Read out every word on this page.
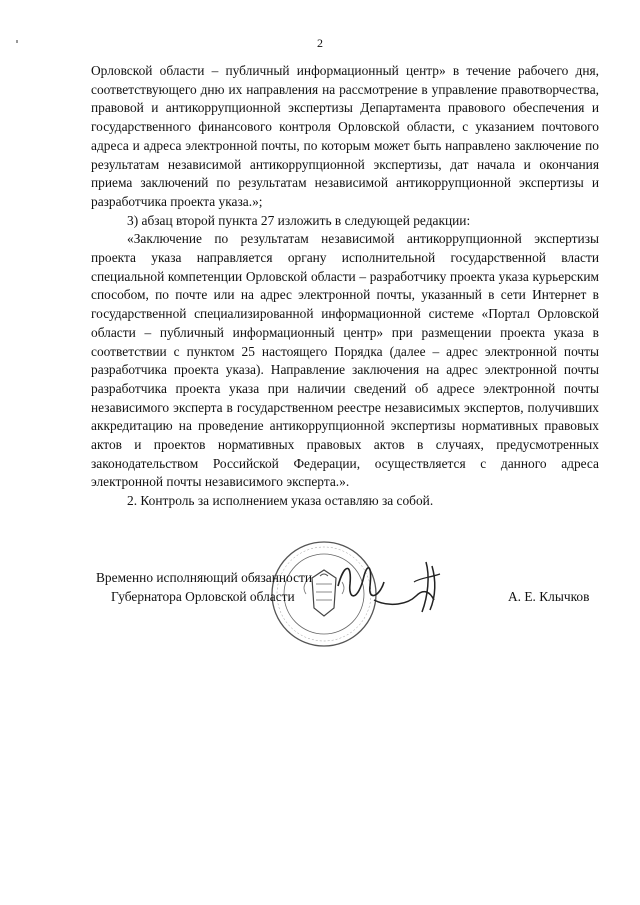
2

Орловской области – публичный информационный центр» в течение рабочего дня, соответствующего дню их направления на рассмотрение в управление правотворчества, правовой и антикоррупционной экспертизы Департамента правового обеспечения и государственного финансового контроля Орловской области, с указанием почтового адреса и адреса электронной почты, по которым может быть направлено заключение по результатам независимой антикоррупционной экспертизы, дат начала и окончания приема заключений по результатам независимой антикоррупционной экспертизы и разработчика проекта указа.»;

3) абзац второй пункта 27 изложить в следующей редакции:

«Заключение по результатам независимой антикоррупционной экспертизы проекта указа направляется органу исполнительной государственной власти специальной компетенции Орловской области – разработчику проекта указа курьерским способом, по почте или на адрес электронной почты, указанный в сети Интернет в государственной специализированной информационной системе «Портал Орловской области – публичный информационный центр» при размещении проекта указа в соответствии с пунктом 25 настоящего Порядка (далее – адрес электронной почты разработчика проекта указа). Направление заключения на адрес электронной почты разработчика проекта указа при наличии сведений об адресе электронной почты независимого эксперта в государственном реестре независимых экспертов, получивших аккредитацию на проведение антикоррупционной экспертизы нормативных правовых актов и проектов нормативных правовых актов в случаях, предусмотренных законодательством Российской Федерации, осуществляется с данного адреса электронной почты независимого эксперта.».

2. Контроль за исполнением указа оставляю за собой.

Временно исполняющий обязанности
Губернатора Орловской области	А. Е. Клычков
